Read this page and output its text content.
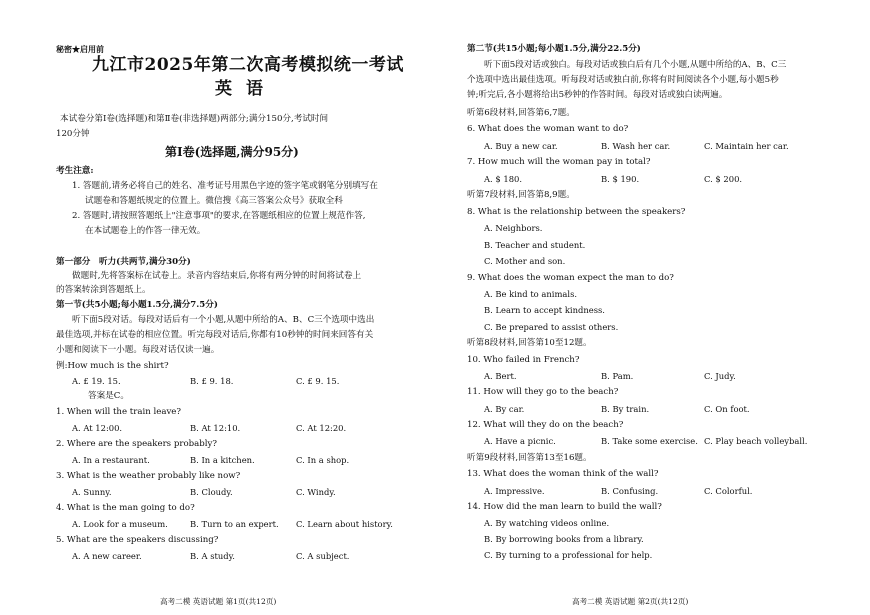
秘密★启用前
九江市2025年第二次高考模拟统一考试
英语
本试卷分第Ⅰ卷(选择题)和第Ⅱ卷(非选择题)两部分;满分150分,考试时间
120分钟
第Ⅰ卷(选择题,满分95分)
考生注意:
1. 答题前,请务必将自己的姓名、准考证号用黑色字迹的签字笔或钢笔分别填写在
试题卷和答题纸规定的位置上。微信搜《高三答案公众号》获取全科
2. 答题时,请按照答题纸上"注意事项"的要求,在答题纸相应的位置上规范作答,
在本试题卷上的作答一律无效。
第一部分　听力(共两节,满分30分)
做题时,先将答案标在试卷上。录音内容结束后,你将有两分钟的时间将试卷上
的答案转涂到答题纸上。
第一节(共5小题;每小题1.5分,满分7.5分)
听下面5段对话。每段对话后有一个小题,从题中所给的A、B、C三个选项中选出
最佳选项,并标在试卷的相应位置。听完每段对话后,你都有10秒钟的时间来回答有关
小题和阅读下一小题。每段对话仅读一遍。
例:How much is the shirt?
A. £ 19. 15.	B. £ 9. 18.	C. £ 9. 15.
答案是C。
1. When will the train leave?
A. At 12:00.	B. At 12:10.	C. At 12:20.
2. Where are the speakers probably?
A. In a restaurant.	B. In a kitchen.	C. In a shop.
3. What is the weather probably like now?
A. Sunny.	B. Cloudy.	C. Windy.
4. What is the man going to do?
A. Look for a museum.	B. Turn to an expert. C. Learn about history.
5. What are the speakers discussing?
A. A new career.	B. A study.	C. A subject.
高考二模 英语试题 第1页(共12页)
第二节(共15小题;每小题1.5分,满分22.5分)
听下面5段对话或独白。每段对话或独白后有几个小题,从题中所给的A、B、C三
个选项中选出最佳选项。听每段对话或独白前,你将有时间阅读各个小题,每小题5秒
钟;听完后,各小题将给出5秒钟的作答时间。每段对话或独白读两遍。
听第6段材料,回答第6,7题。
6. What does the woman want to do?
A. Buy a new car.	B. Wash her car.	C. Maintain her car.
7. How much will the woman pay in total?
A. $ 180.	B. $ 190.	C. $ 200.
听第7段材料,回答第8,9题。
8. What is the relationship between the speakers?
A. Neighbors.
B. Teacher and student.
C. Mother and son.
9. What does the woman expect the man to do?
A. Be kind to animals.
B. Learn to accept kindness.
C. Be prepared to assist others.
听第8段材料,回答第10至12题。
10. Who failed in French?
A. Bert.	B. Pam.	C. Judy.
11. How will they go to the beach?
A. By car.	B. By train.	C. On foot.
12. What will they do on the beach?
A. Have a picnic.	B. Take some exercise. C. Play beach volleyball.
听第9段材料,回答第13至16题。
13. What does the woman think of the wall?
A. Impressive.	B. Confusing.	C. Colorful.
14. How did the man learn to build the wall?
A. By watching videos online.
B. By borrowing books from a library.
C. By turning to a professional for help.
高考二模 英语试题 第2页(共12页)
